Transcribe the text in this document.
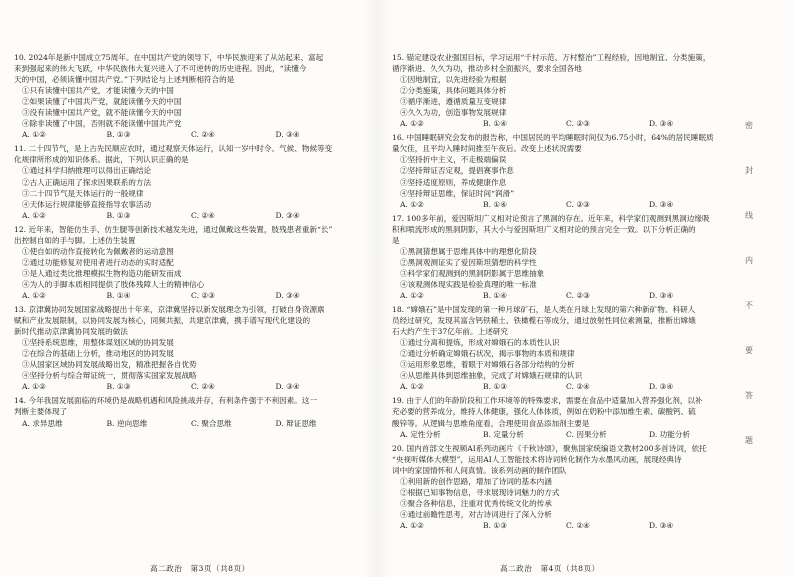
10. 2024年是新中国成立75周年。在中国共产党的领导下，中华民族迎来了从站起来、富起
来到强起来的伟大飞跃，中华民族伟大复兴进入了不可逆转的历史进程。因此，“读懂今
天的中国，必须读懂中国共产党。”下列结论与上述判断相符合的是
①只有读懂中国共产党，才能读懂今天的中国
②如果读懂了中国共产党，就能读懂今天的中国
③没有读懂中国共产党，就不能读懂今天的中国
④除非读懂了中国，否则就不能读懂中国共产党
A. ①②	B. ①③	C. ②④	D. ③④
11. 二十四节气，是上古先民顺应农时，通过观察天体运行，认知一岁中时令、气候、物候等变
化规律所形成的知识体系。据此，下列认识正确的是
①通过科学归纳推理可以得出正确结论
②古人正确运用了探求因果联系的方法
③二十四节气是天体运行的一般规律
④天体运行规律能够直接指导农事活动
A. ①②	B. ①③	C. ②④	D. ③④
12. 近年来，智能仿生手、仿生腿等创新技术越发先进，通过佩戴这些装置，肢残患者重新“长”
出控制自如的手与脚。上述仿生装置
①使自如的动作直接转化为佩戴者的运动意图
②通过功能修复对使用者进行动态的实时适配
③是人通过类比推理模拟生物构造功能研发而成
④为人的手脚本质相同提供了肢体残障人士的精神信心
A. ①②	B. ①④	C. ②③	D. ③④
13. 京津冀协同发展国家战略提出十年来，京津冀坚持以新发展理念为引领，打破自身资源禀
赋和产业发展限制，以协同发展为核心，同频共振，共建京津冀，携手谱写现代化建设的
新时代推动京津冀协同发展的做法
①坚持系统思维，用整体谋划区域的协同发展
②在综合的基础上分析，推动地区的协同发展
③从国家区域协同发展战略出发，精准把握各自优势
④坚持分析与综合辩证统一，贯彻落实国家发展战略
A. ①②	B. ①③	C. ②④	D. ③④
14. 今年我国发展面临的环境仍是战略机遇和风险挑战并存，有利条件强于不利因素。这一
判断主要体现了
A. 求异思维	B. 逆向思维	C. 聚合思维	D. 辩证思维
15. 锚定建设农业强国目标，学习运用“千村示范、万村整治”工程经验，因地制宜、分类施策，
循序渐进、久久为功，推动乡村全面振兴，要求全国各地
①因地制宜，以先进经验为根据
②分类施策，具体问题具体分析
③循序渐进，遵循质量互变规律
④久久为功，创造事物发展规律
A. ①②	B. ①④	C. ②③	D. ③④
16. 中国睡眠研究会发布的报告称，中国居民的平均睡眠时间仅为6.75小时，64%的居民睡眠质
量欠佳，且平均入睡时间推至午夜后。改变上述状况需要
①坚持折中主义，不走极端偏误
②坚持辩证否定观，提倡赛事作息
③坚持适度原则，养成健康作息
④坚持辩证思维，保证时间“润滑”
A. ①②	B. ①④	C. ②③	D. ③④
17. 100多年前，爱因斯坦广义相对论预言了黑洞的存在。近年来，科学家们观测到黑洞边缘吸
积和喷流形成的黑洞阴影，其大小与爱因斯坦广义相对论的预言完全一致。以下分析正确的
是
①黑洞猜想属于思维具体中的理想化阶段
②黑洞观测证实了爱因斯坦猜想的科学性
③科学家们观测到的黑洞阴影属于思维抽象
④该观测体现实践是检验真理的唯一标准
A. ①②	B. ①④	C. ②③	D. ③④
18. “嫦娥石”是中国发现的第一种月球矿石，是人类在月球上发现的第六种新矿物。科研人
员经过研究，发现其富含钙铁稀土、铁橄榄石等成分，通过放射性同位素测量，推断出嫦娥
石大约产生于37亿年前。上述研究
①通过分离和提炼，形成对嫦娥石的本质性认识
②通过分析确定嫦娥石状况，揭示事物的本质和规律
③运用形象思维，着眼于对嫦娥石各部分结构的分析
④从思维具体到思维抽象，完成了对嫦娥石规律的认识
A. ①②	B. ①③	C. ②④	D. ③④
19. 由于人们的年龄阶段和工作环境等的特殊要求，需要在食品中适量加入营养强化剂，以补
充必要的营养成分，维持人体健康，强化人体体质，例如在奶粉中添加维生素、碳酸钙、硫
酸锌等。从逻辑与思维角度看，合理使用食品添加剂主要是
A. 定性分析	B. 定量分析	C. 因果分析	D. 功能分析
20. 国内首部文生视频AI系列动画片《千秋诗颂》，聚焦国家统编语文教材200多首诗词，依托
“央视听媒体大模型”，运用AI人工智能技术将诗词转化制作为水墨风动画，展现经典诗
词中的家国情怀和人间真情。该系列动画的制作团队
①利用新的创作思路，增加了诗词的基本内涵
②根据已知事物信息，寻求展现诗词魅力的方式
③聚合各种信息，注重对优秀传统文化的传承
④通过前瞻性思考，对古诗词进行了深入分析
A. ①②	B. ①③	C. ②④	D. ③④
高二政治　第3页（共8页）	高二政治　第4页（共8页）
密
封
线
内
不
要
答
题
